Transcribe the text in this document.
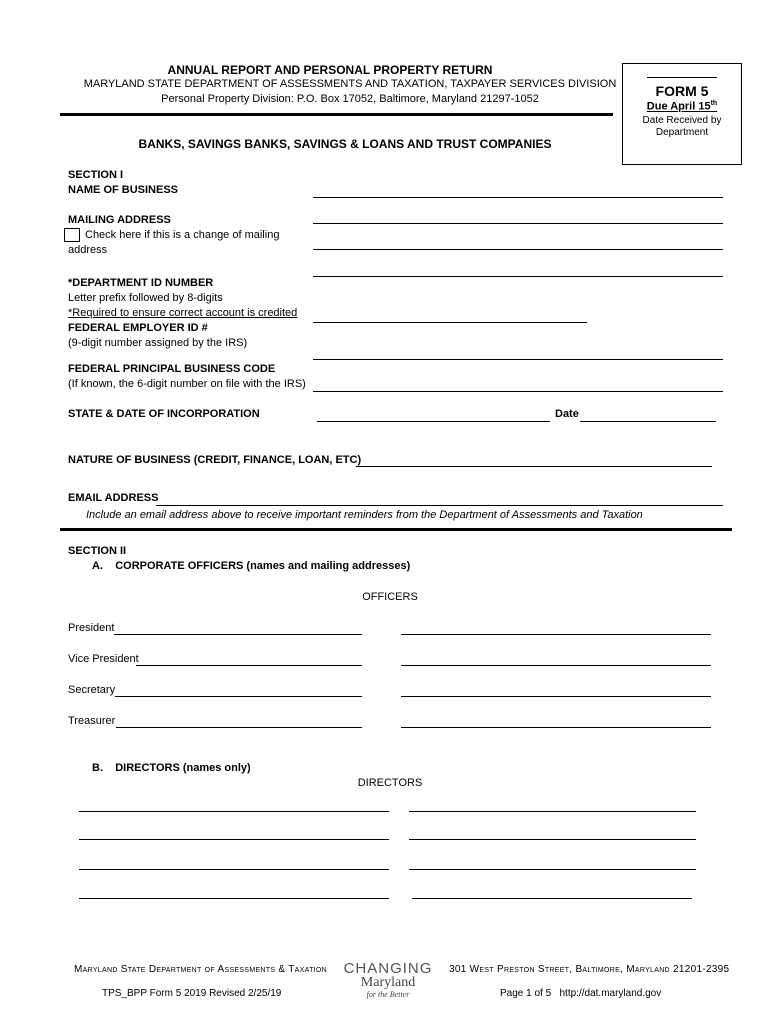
ANNUAL REPORT AND PERSONAL PROPERTY RETURN
MARYLAND STATE DEPARTMENT OF ASSESSMENTS AND TAXATION, TAXPAYER SERVICES DIVISION
Personal Property Division: P.O. Box 17052, Baltimore, Maryland 21297-1052
BANKS, SAVINGS BANKS, SAVINGS & LOANS AND TRUST COMPANIES
FORM 5
Due April 15th
Date Received by
Department
SECTION I
NAME OF BUSINESS
MAILING ADDRESS
Check here if this is a change of mailing
address
*DEPARTMENT ID NUMBER
Letter prefix followed by 8-digits
*Required to ensure correct account is credited
FEDERAL EMPLOYER ID #
(9-digit number assigned by the IRS)
FEDERAL PRINCIPAL BUSINESS CODE
(If known, the 6-digit number on file with the IRS)
STATE & DATE OF INCORPORATION	Date
NATURE OF BUSINESS (CREDIT, FINANCE, LOAN, ETC)
EMAIL ADDRESS
Include an email address above to receive important reminders from the Department of Assessments and Taxation
SECTION II
A.    CORPORATE OFFICERS (names and mailing addresses)
OFFICERS
President
Vice President
Secretary
Treasurer
B.    DIRECTORS (names only)
DIRECTORS
Maryland State Department of Assessments & Taxation CHANGING
Maryland
for the Better
301 West Preston Street, Baltimore, Maryland 21201-2395
TPS_BPP Form 5 2019 Revised 2/25/19	Page 1 of 5 http://dat.maryland.gov
